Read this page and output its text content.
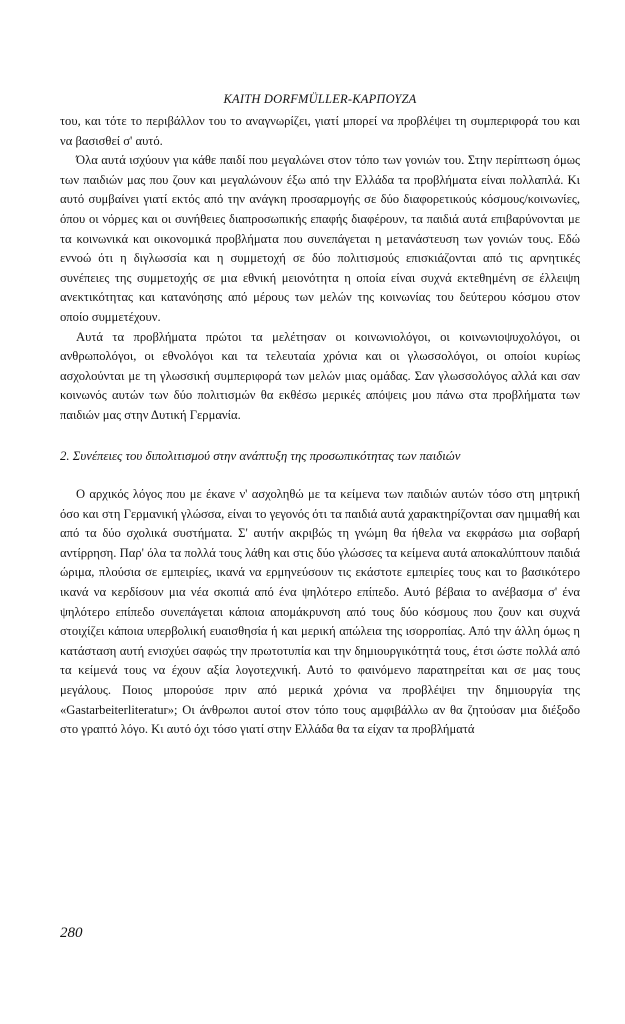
KAITH DORFMÜLLER-ΚΑΡΠΟΥΖΑ

του, και τότε το περιβάλλον του το αναγνωρίζει, γιατί μπορεί να προβλέψει τη συμπεριφορά του και να βασισθεί σ' αυτό.

Όλα αυτά ισχύουν για κάθε παιδί που μεγαλώνει στον τόπο των γονιών του. Στην περίπτωση όμως των παιδιών μας που ζουν και μεγαλώνουν έξω από την Ελλάδα τα προβλήματα είναι πολλαπλά. Κι αυτό συμβαίνει γιατί εκτός από την ανάγκη προσαρμογής σε δύο διαφορετικούς κόσμους/κοινωνίες, όπου οι νόρμες και οι συνήθειες διαπροσωπικής επαφής διαφέρουν, τα παιδιά αυτά επιβαρύνονται με τα κοινωνικά και οικονομικά προβλήματα που συνεπάγεται η μετανάστευση των γονιών τους. Εδώ εννοώ ότι η διγλωσσία και η συμμετοχή σε δύο πολιτισμούς επισκιάζονται από τις αρνητικές συνέπειες της συμμετοχής σε μια εθνική μειονότητα η οποία είναι συχνά εκτεθημένη σε έλλειψη ανεκτικότητας και κατανόησης από μέρους των μελών της κοινωνίας του δεύτερου κόσμου στον οποίο συμμετέχουν.

Αυτά τα προβλήματα πρώτοι τα μελέτησαν οι κοινωνιολόγοι, οι κοινωνιοψυχολόγοι, οι ανθρωπολόγοι, οι εθνολόγοι και τα τελευταία χρόνια και οι γλωσσολόγοι, οι οποίοι κυρίως ασχολούνται με τη γλωσσική συμπεριφορά των μελών μιας ομάδας. Σαν γλωσσολόγος αλλά και σαν κοινωνός αυτών των δύο πολιτισμών θα εκθέσω μερικές απόψεις μου πάνω στα προβλήματα των παιδιών μας στην Δυτική Γερμανία.

2. Συνέπειες του διπολιτισμού στην ανάπτυξη της προσωπικότητας των παιδιών

Ο αρχικός λόγος που με έκανε ν' ασχοληθώ με τα κείμενα των παιδιών αυτών τόσο στη μητρική όσο και στη Γερμανική γλώσσα, είναι το γεγονός ότι τα παιδιά αυτά χαρακτηρίζονται σαν ημιμαθή και από τα δύο σχολικά συστήματα. Σ' αυτήν ακριβώς τη γνώμη θα ήθελα να εκφράσω μια σοβαρή αντίρρηση. Παρ' όλα τα πολλά τους λάθη και στις δύο γλώσσες τα κείμενα αυτά αποκαλύπτουν παιδιά ώριμα, πλούσια σε εμπειρίες, ικανά να ερμηνεύσουν τις εκάστοτε εμπειρίες τους και το βασικότερο ικανά να κερδίσουν μια νέα σκοπιά από ένα ψηλότερο επίπεδο. Αυτό βέβαια το ανέβασμα σ' ένα ψηλότερο επίπεδο συνεπάγεται κάποια απομάκρυνση από τους δύο κόσμους που ζουν και συχνά στοιχίζει κάποια υπερβολική ευαισθησία ή και μερική απώλεια της ισορροπίας. Από την άλλη όμως η κατάσταση αυτή ενισχύει σαφώς την πρωτοτυπία και την δημιουργικότητά τους, έτσι ώστε πολλά από τα κείμενά τους να έχουν αξία λογοτεχνική. Αυτό το φαινόμενο παρατηρείται και σε μας τους μεγάλους. Ποιος μπορούσε πριν από μερικά χρόνια να προβλέψει την δημιουργία της «Gastarbeiterliteratur»; Οι άνθρωποι αυτοί στον τόπο τους αμφιβάλλω αν θα ζητούσαν μια διέξοδο στο γραπτό λόγο. Κι αυτό όχι τόσο γιατί στην Ελλάδα θα τα είχαν τα προβλήματά

280
